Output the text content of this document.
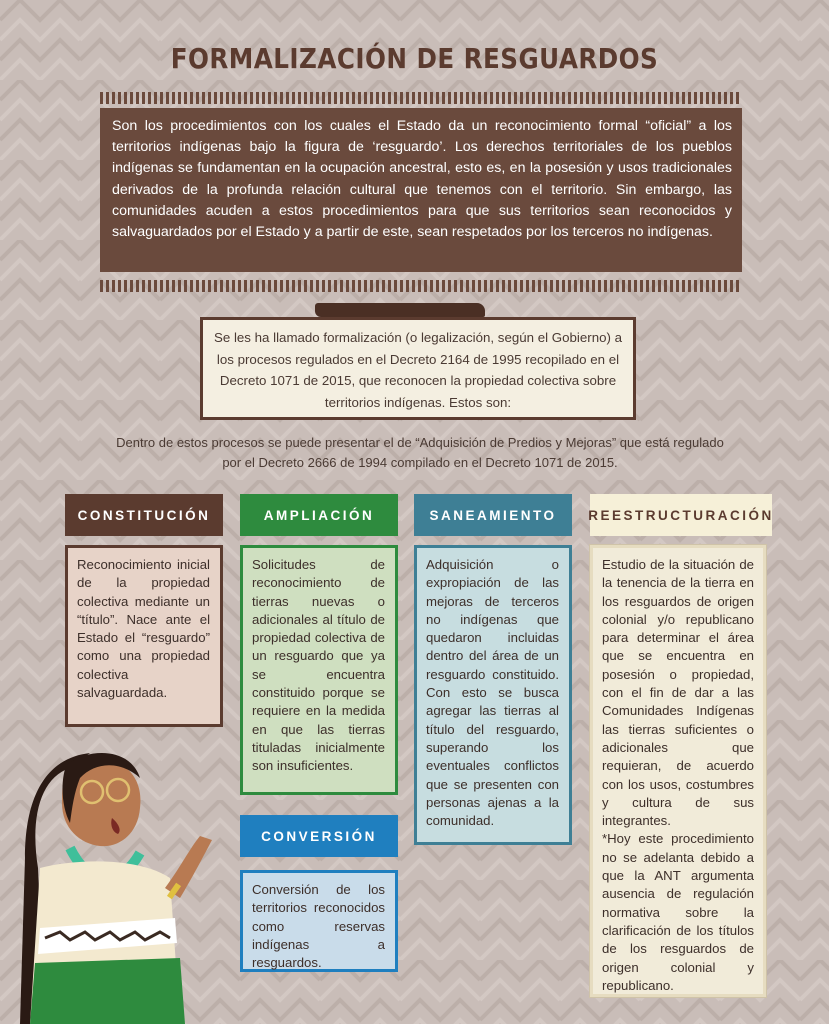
FORMALIZACIÓN DE RESGUARDOS
Son los procedimientos con los cuales el Estado da un reconocimiento formal “oficial” a los territorios indígenas bajo la figura de ‘resguardo’. Los derechos territoriales de los pueblos indígenas se fundamentan en la ocupación ancestral, esto es, en la posesión y usos tradicionales derivados de la profunda relación cultural que tenemos con el territorio. Sin embargo, las comunidades acuden a estos procedimientos para que sus territorios sean reconocidos y salvaguardados por el Estado y a partir de este, sean respetados por los terceros no indígenas.
Se les ha llamado formalización (o legalización, según el Gobierno) a los procesos regulados en el Decreto 2164 de 1995 recopilado en el Decreto 1071 de 2015, que reconocen la propiedad colectiva sobre territorios indígenas. Estos son:
Dentro de estos procesos se puede presentar el de “Adquisición de Predios y Mejoras” que está regulado por el Decreto 2666 de 1994 compilado en el Decreto 1071 de 2015.
CONSTITUCIÓN
Reconocimiento inicial de la propiedad colectiva mediante un “título”. Nace ante el Estado el “resguardo” como una propiedad colectiva salvaguardada.
AMPLIACIÓN
Solicitudes de reconocimiento de tierras nuevas o adicionales al título de propiedad colectiva de un resguardo que ya se encuentra constituido porque se requiere en la medida en que las tierras tituladas inicialmente son insuficientes.
SANEAMIENTO
Adquisición o expropiación de las mejoras de terceros no indígenas que quedaron incluidas dentro del área de un resguardo constituido. Con esto se busca agregar las tierras al título del resguardo, superando los eventuales conflictos que se presenten con personas ajenas a la comunidad.
REESTRUCTURACIÓN
Estudio de la situación de la tenencia de la tierra en los resguardos de origen colonial y/o republicano para determinar el área que se encuentra en posesión o propiedad, con el fin de dar a las Comunidades Indígenas las tierras suficientes o adicionales que requieran, de acuerdo con los usos, costumbres y cultura de sus integrantes.
*Hoy este procedimiento no se adelanta debido a que la ANT argumenta ausencia de regulación normativa sobre la clarificación de los títulos de los resguardos de origen colonial y republicano.
CONVERSIÓN
Conversión de los territorios reconocidos como reservas indígenas a resguardos.
